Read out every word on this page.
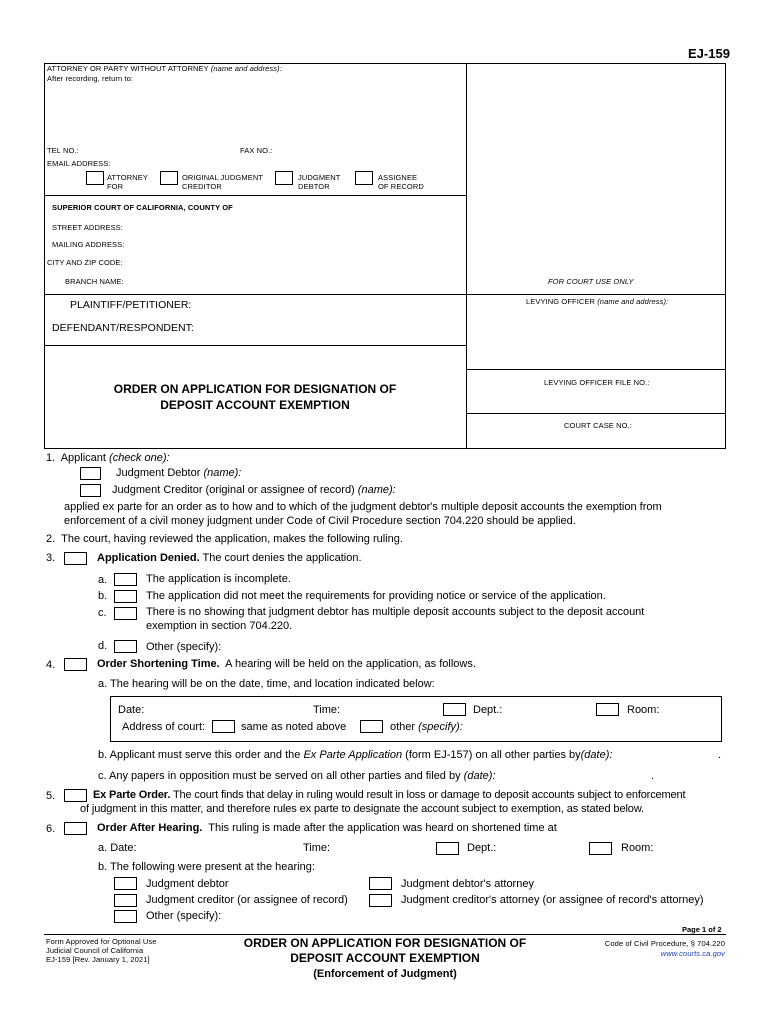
EJ-159
ATTORNEY OR PARTY WITHOUT ATTORNEY (name and address):
After recording, return to:
TEL NO.:	FAX NO.:
EMAIL ADDRESS:
ATTORNEY
FOR
ORIGINAL JUDGMENT
CREDITOR
JUDGMENT
DEBTOR
ASSIGNEE
OF RECORD
SUPERIOR COURT OF CALIFORNIA, COUNTY OF
STREET ADDRESS:
MAILING ADDRESS:
CITY AND ZIP CODE:
BRANCH NAME:	FOR COURT USE ONLY
PLAINTIFF/PETITIONER:
DEFENDANT/RESPONDENT:
LEVYING OFFICER (name and address):
ORDER ON APPLICATION FOR DESIGNATION OF
DEPOSIT ACCOUNT EXEMPTION
LEVYING OFFICER FILE NO.:
COURT CASE NO.:
1. Applicant (check one):
Judgment Debtor (name):
Judgment Creditor (original or assignee of record) (name):
applied ex parte for an order as to how and to which of the judgment debtor's multiple deposit accounts the exemption from
enforcement of a civil money judgment under Code of Civil Procedure section 704.220 should be applied.
2. The court, having reviewed the application, makes the following ruling.
3.	Application Denied. The court denies the application.
a.	The application is incomplete.
b.	The application did not meet the requirements for providing notice or service of the application.
c.	There is no showing that judgment debtor has multiple deposit accounts subject to the deposit account
exemption in section 704.220.
d.	Other (specify):
4.	Order Shortening Time. A hearing will be held on the application, as follows.
a. The hearing will be on the date, time, and location indicated below:
Date:	Time:	Dept.:	Room:
Address of court:	same as noted above	other (specify):
b. Applicant must serve this order and the Ex Parte Application (form EJ-157) on all other parties by(date):	.
c. Any papers in opposition must be served on all other parties and filed by (date):	.
5.	Ex Parte Order. The court finds that delay in ruling would result in loss or damage to deposit accounts subject to enforcement
of judgment in this matter, and therefore rules ex parte to designate the account subject to exemption, as stated below.
6.	Order After Hearing. This ruling is made after the application was heard on shortened time at
a. Date:	Time:	Dept.:	Room:
b. The following were present at the hearing:
Judgment debtor	Judgment debtor's attorney
Judgment creditor (or assignee of record)	Judgment creditor's attorney (or assignee of record's attorney)
Other (specify):
Page 1 of 2
Form Approved for Optional Use
Judicial Council of California
EJ-159 [Rev. January 1, 2021]
ORDER ON APPLICATION FOR DESIGNATION OF
DEPOSIT ACCOUNT EXEMPTION
(Enforcement of Judgment)
Code of Civil Procedure, § 704.220
www.courts.ca.gov
